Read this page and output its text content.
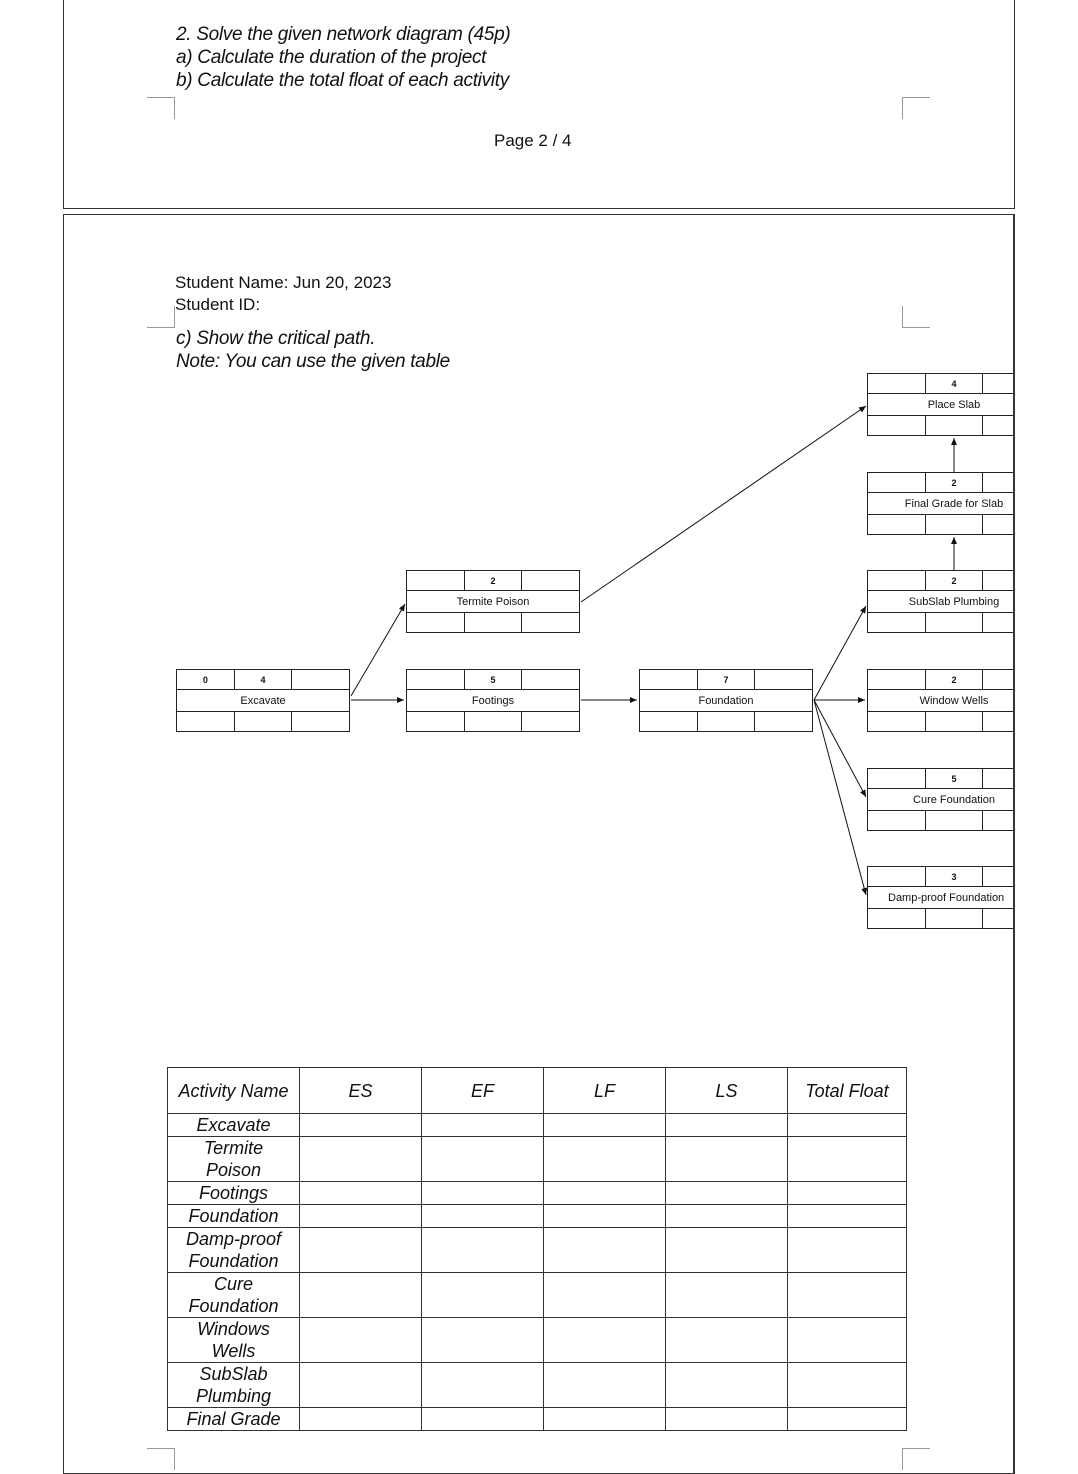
2. Solve the given network diagram (45p)
a) Calculate the duration of the project
b) Calculate the total float of each activity
Page 2 / 4
Student Name: Jun 20, 2023
Student ID:
c) Show the critical path.
Note: You can use the given table
0	4
Excavate
2
Termite Poison
5
Footings
7
Foundation
4
Place Slab
2
Final Grade for Slab
2
SubSlab Plumbing
2
Window Wells
5
Cure Foundation
3
Damp-proof Foundation
Activity Name	ES	EF	LF	LS	Total Float
Excavate					
Termite Poison					
Footings					
Foundation					
Damp-proof Foundation					
Cure Foundation					
Windows Wells					
SubSlab Plumbing					
Final Grade					
